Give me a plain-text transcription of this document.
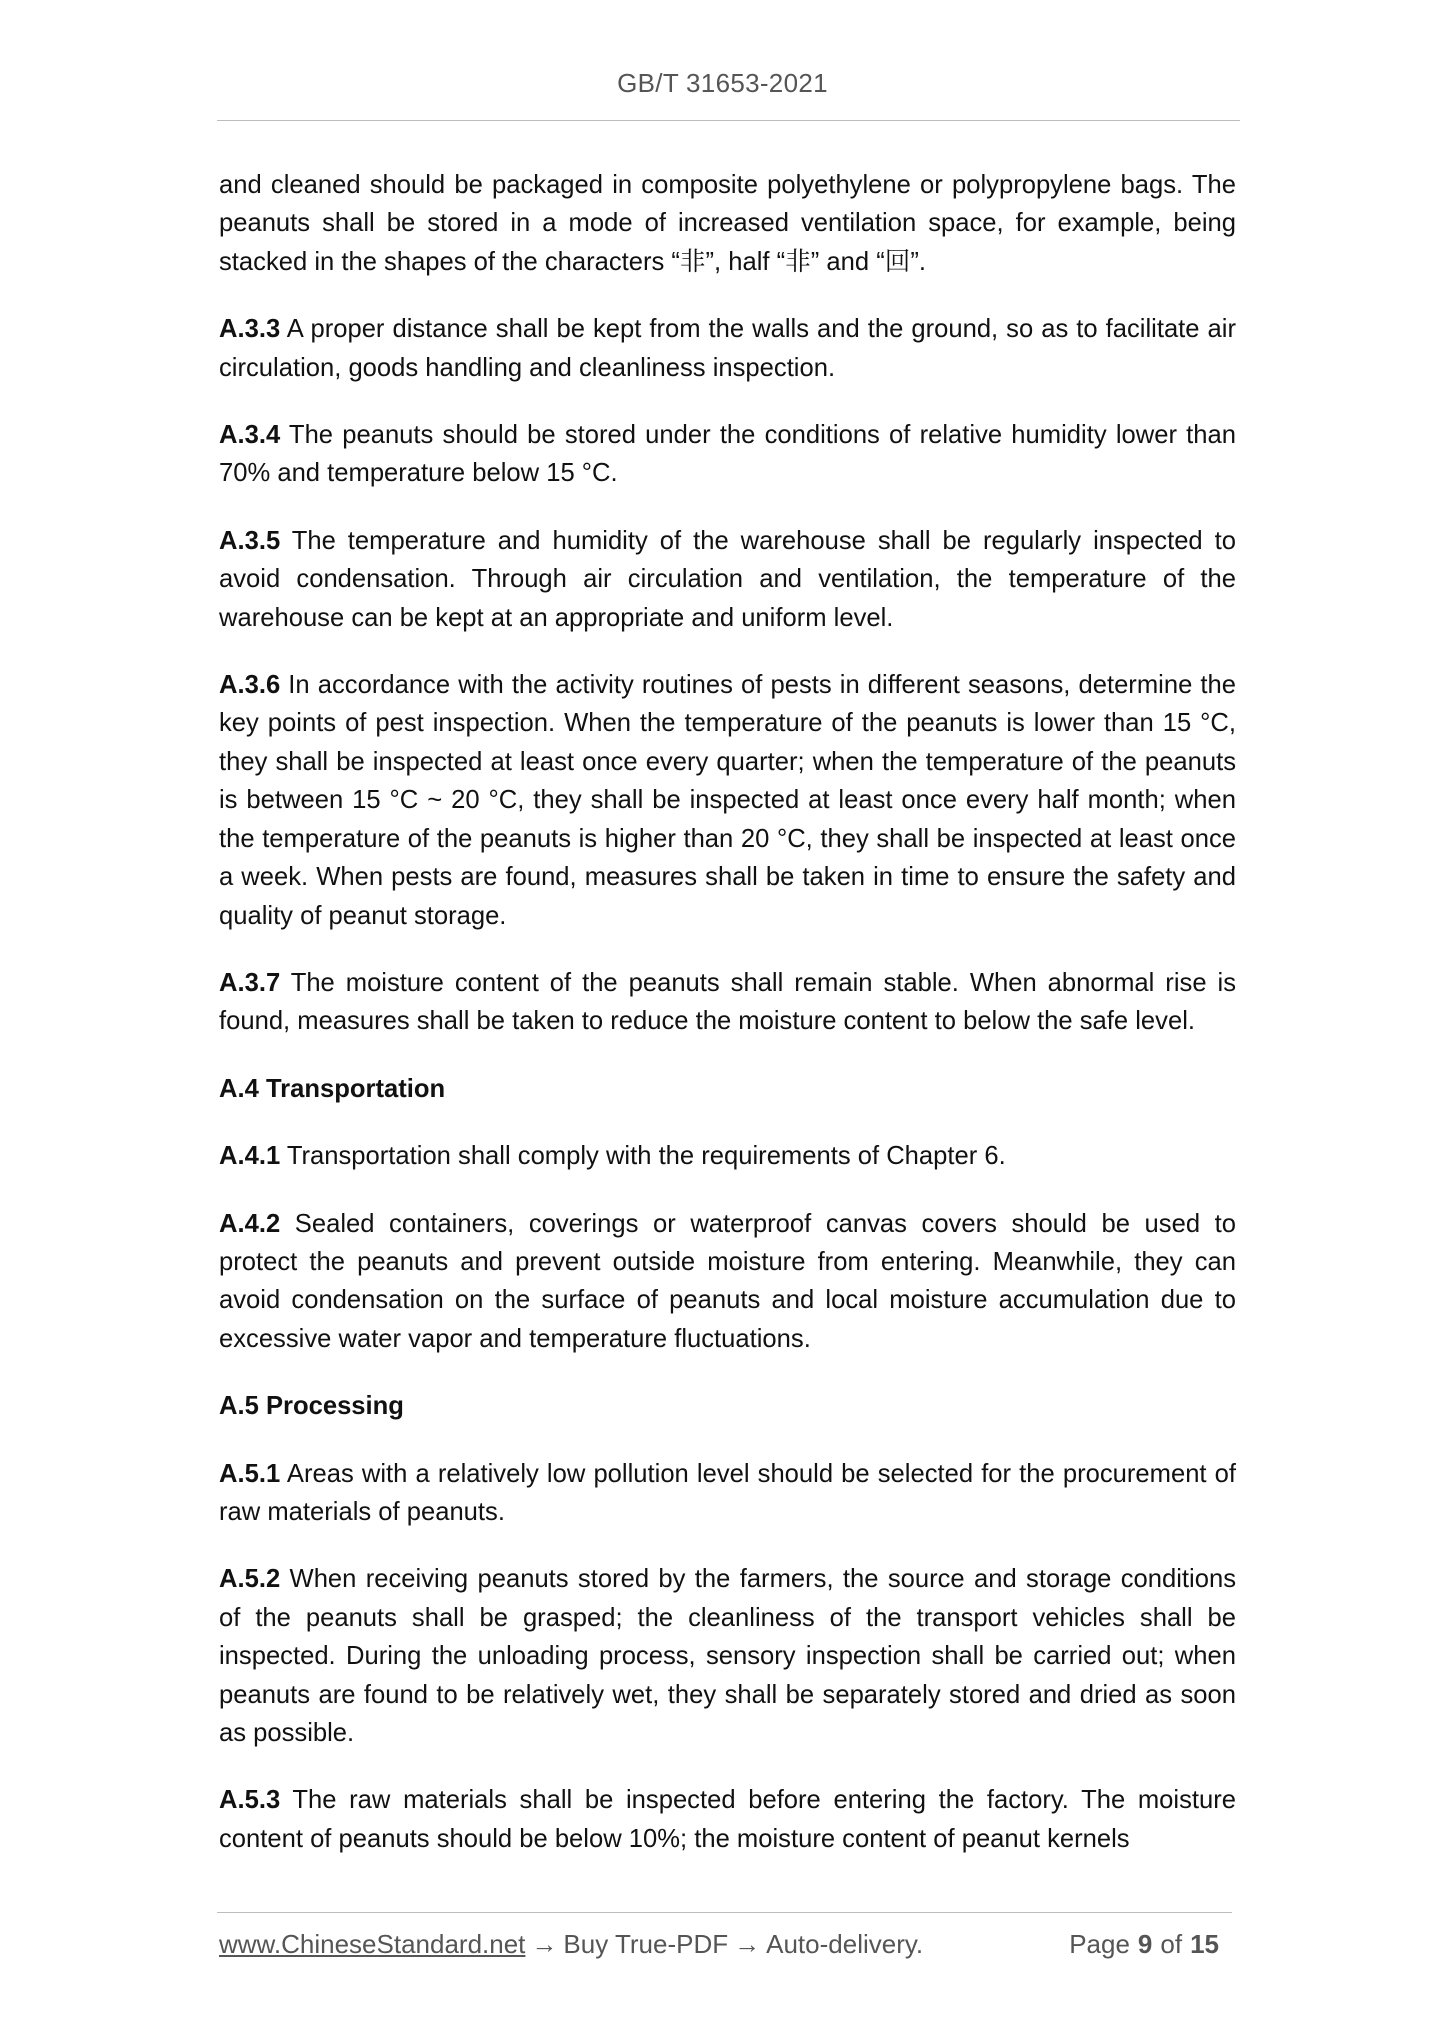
GB/T 31653-2021

and cleaned should be packaged in composite polyethylene or polypropylene bags. The peanuts shall be stored in a mode of increased ventilation space, for example, being stacked in the shapes of the characters “非”, half “非” and “回”.

A.3.3 A proper distance shall be kept from the walls and the ground, so as to facilitate air circulation, goods handling and cleanliness inspection.

A.3.4 The peanuts should be stored under the conditions of relative humidity lower than 70% and temperature below 15 °C.

A.3.5 The temperature and humidity of the warehouse shall be regularly inspected to avoid condensation. Through air circulation and ventilation, the temperature of the warehouse can be kept at an appropriate and uniform level.

A.3.6 In accordance with the activity routines of pests in different seasons, determine the key points of pest inspection. When the temperature of the peanuts is lower than 15 °C, they shall be inspected at least once every quarter; when the temperature of the peanuts is between 15 °C ~ 20 °C, they shall be inspected at least once every half month; when the temperature of the peanuts is higher than 20 °C, they shall be inspected at least once a week. When pests are found, measures shall be taken in time to ensure the safety and quality of peanut storage.

A.3.7 The moisture content of the peanuts shall remain stable. When abnormal rise is found, measures shall be taken to reduce the moisture content to below the safe level.

A.4 Transportation

A.4.1 Transportation shall comply with the requirements of Chapter 6.

A.4.2 Sealed containers, coverings or waterproof canvas covers should be used to protect the peanuts and prevent outside moisture from entering. Meanwhile, they can avoid condensation on the surface of peanuts and local moisture accumulation due to excessive water vapor and temperature fluctuations.

A.5 Processing

A.5.1 Areas with a relatively low pollution level should be selected for the procurement of raw materials of peanuts.

A.5.2 When receiving peanuts stored by the farmers, the source and storage conditions of the peanuts shall be grasped; the cleanliness of the transport vehicles shall be inspected. During the unloading process, sensory inspection shall be carried out; when peanuts are found to be relatively wet, they shall be separately stored and dried as soon as possible.

A.5.3 The raw materials shall be inspected before entering the factory. The moisture content of peanuts should be below 10%; the moisture content of peanut kernels

www.ChineseStandard.net → Buy True-PDF → Auto-delivery.	Page 9 of 15
